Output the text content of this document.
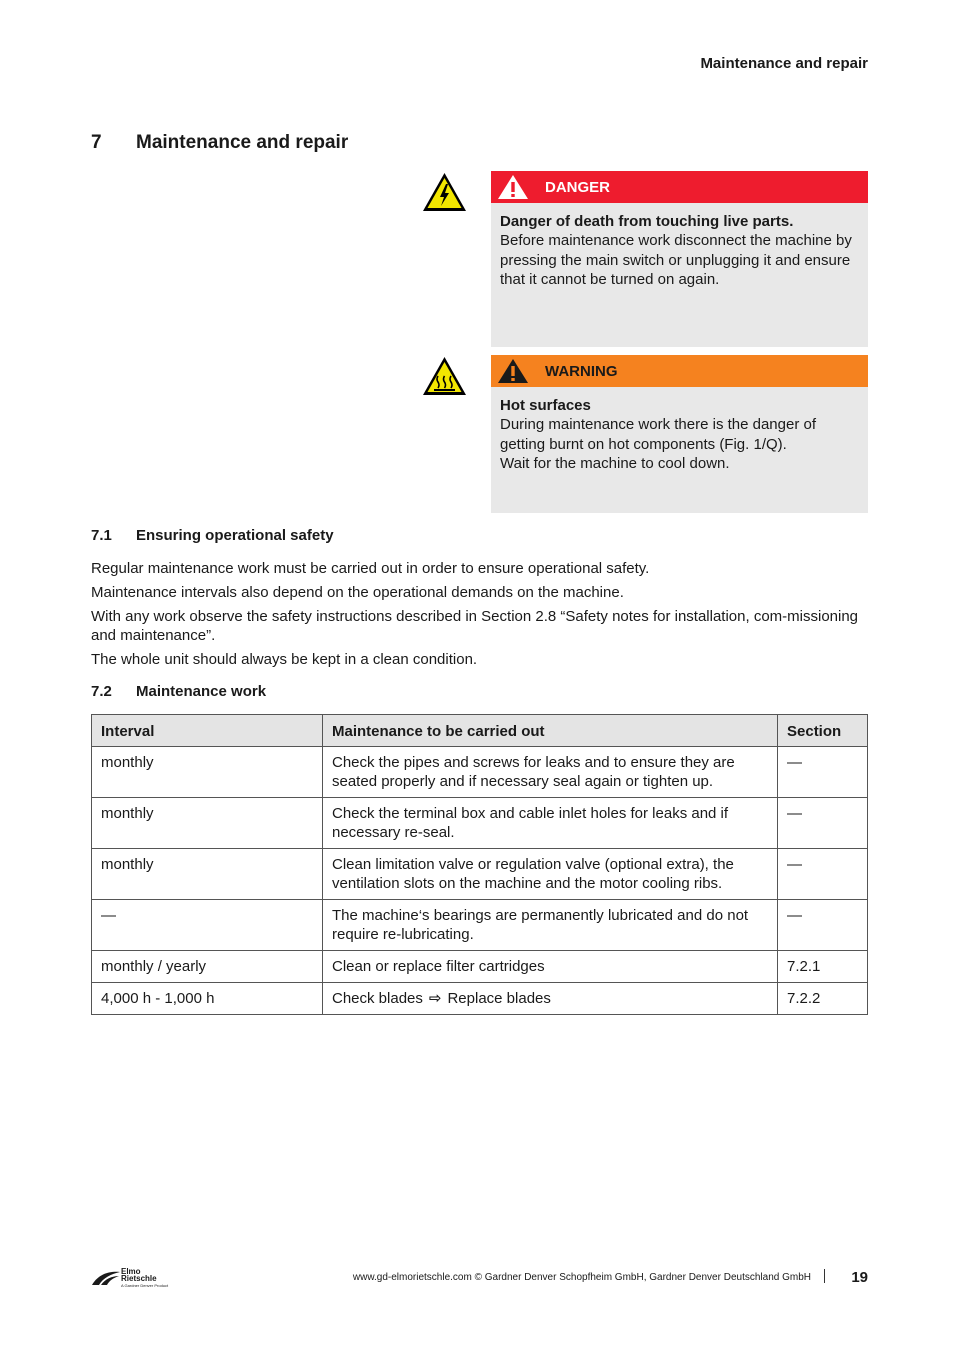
Maintenance and repair
7 Maintenance and repair
DANGER
Danger of death from touching live parts.
Before maintenance work disconnect the machine by pressing the main switch or unplugging it and ensure that it cannot be turned on again.
WARNING
Hot surfaces
During maintenance work there is the danger of
getting burnt on hot components (Fig. 1/Q).
Wait for the machine to cool down.
7.1 Ensuring operational safety
Regular maintenance work must be carried out in order to ensure operational safety.
Maintenance intervals also depend on the operational demands on the machine.
With any work observe the safety instructions described in Section 2.8 “Safety notes for installation, com-missioning and maintenance”.
The whole unit should always be kept in a clean condition.
7.2 Maintenance work
Interval	Maintenance to be carried out	Section
monthly	Check the pipes and screws for leaks and to ensure they are seated properly and if necessary seal again or tighten up.	—
monthly	Check the terminal box and cable inlet holes for leaks and if necessary re-seal.	—
monthly	Clean limitation valve or regulation valve (optional extra), the ventilation slots on the machine and the motor cooling ribs.	—
—	The machine‘s bearings are permanently lubricated and do not require re-lubricating.	—
monthly / yearly	Clean or replace filter cartridges	7.2.1
4,000 h - 1,000 h	Check blades ⇨ Replace blades	7.2.2
Elmo
Rietschle
A Gardner Denver Product
www.gd-elmorietschle.com © Gardner Denver Schopfheim GmbH, Gardner Denver Deutschland GmbH	19
